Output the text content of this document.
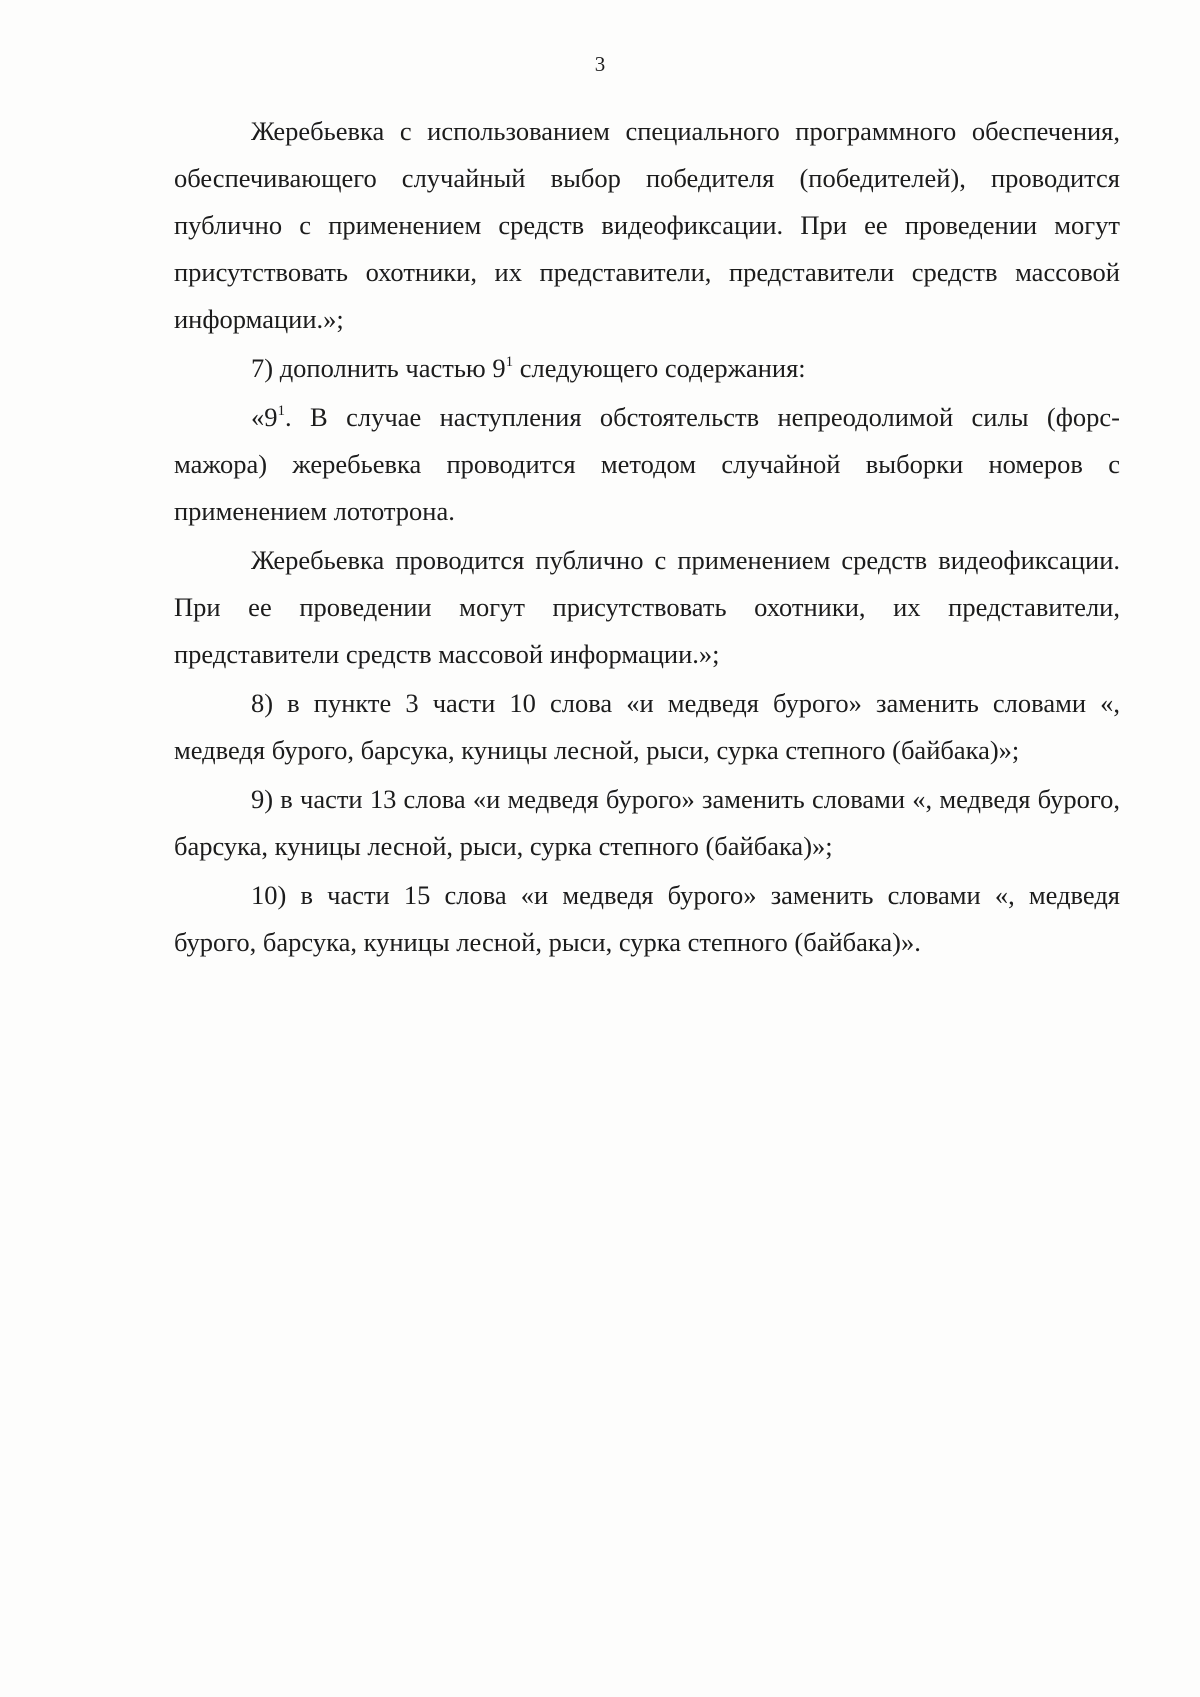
3

Жеребьевка с использованием специального программного обеспечения, обеспечивающего случайный выбор победителя (победителей), проводится публично с применением средств видеофиксации. При ее проведении могут присутствовать охотники, их представители, представители средств массовой информации.»;

7) дополнить частью $9^1$ следующего содержания:

«$9^1$. В случае наступления обстоятельств непреодолимой силы (форс-мажора) жеребьевка проводится методом случайной выборки номеров с применением лототрона.

Жеребьевка проводится публично с применением средств видеофиксации. При ее проведении могут присутствовать охотники, их представители, представители средств массовой информации.»;

8) в пункте 3 части 10 слова «и медведя бурого» заменить словами «, медведя бурого, барсука, куницы лесной, рыси, сурка степного (байбака)»;

9) в части 13 слова «и медведя бурого» заменить словами «, медведя бурого, барсука, куницы лесной, рыси, сурка степного (байбака)»;

10) в части 15 слова «и медведя бурого» заменить словами «, медведя бурого, барсука, куницы лесной, рыси, сурка степного (байбака)».
